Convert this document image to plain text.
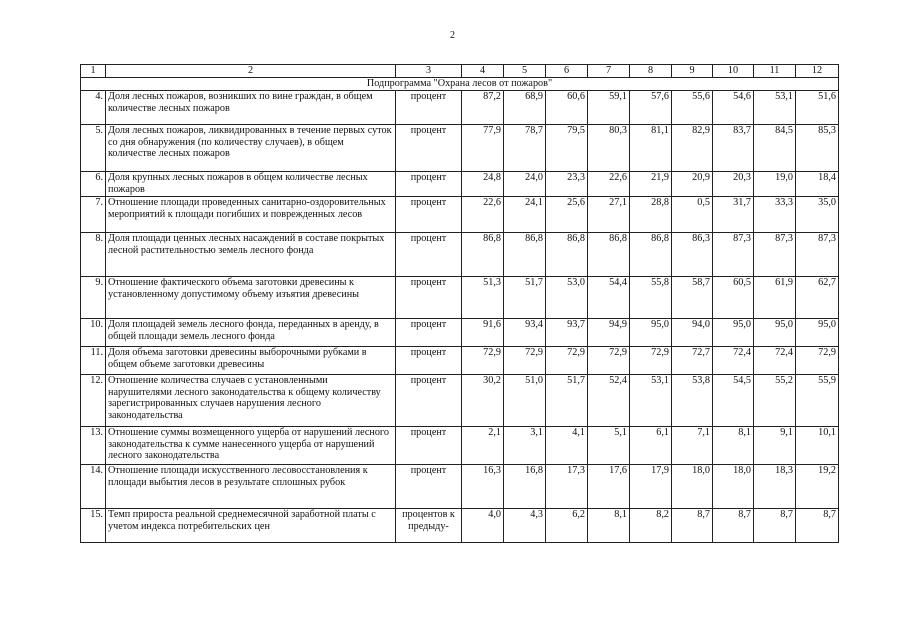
2
1	2	3	4	5	6	7	8	9	10	11	12
Подпрограмма "Охрана лесов от пожаров"											
4.	Доля лесных пожаров, возникших по вине граждан, в общем количестве лесных пожаров	процент	87,2	68,9	60,6	59,1	57,6	55,6	54,6	53,1	51,6
5.	Доля лесных пожаров, ликвидированных в течение первых суток со дня обнаружения (по количеству случаев), в общем количестве лесных пожаров	процент	77,9	78,7	79,5	80,3	81,1	82,9	83,7	84,5	85,3
6.	Доля крупных лесных пожаров в общем количестве лесных пожаров	процент	24,8	24,0	23,3	22,6	21,9	20,9	20,3	19,0	18,4
7.	Отношение площади проведенных санитарно-оздоровительных мероприятий к площади погибших и поврежденных лесов	процент	22,6	24,1	25,6	27,1	28,8	0,5	31,7	33,3	35,0
8.	Доля площади ценных лесных насаждений в составе покрытых лесной растительностью земель лесного фонда	процент	86,8	86,8	86,8	86,8	86,8	86,3	87,3	87,3	87,3
9.	Отношение фактического объема заготовки древесины к установленному допустимому объему изъятия древесины	процент	51,3	51,7	53,0	54,4	55,8	58,7	60,5	61,9	62,7
10.	Доля площадей земель лесного фонда, переданных в аренду, в общей площади земель лесного фонда	процент	91,6	93,4	93,7	94,9	95,0	94,0	95,0	95,0	95,0
11.	Доля объема заготовки древесины выборочными рубками в общем объеме заготовки древесины	процент	72,9	72,9	72,9	72,9	72,9	72,7	72,4	72,4	72,9
12.	Отношение количества случаев с установленными нарушителями лесного законодательства к общему количеству зарегистрированных случаев нарушения лесного законодательства	процент	30,2	51,0	51,7	52,4	53,1	53,8	54,5	55,2	55,9
13.	Отношение суммы возмещенного ущерба от нарушений лесного законодательства к сумме нанесенного ущерба от нарушений лесного законодательства	процент	2,1	3,1	4,1	5,1	6,1	7,1	8,1	9,1	10,1
14.	Отношение площади искусственного лесовосстановления к площади выбытия лесов в результате сплошных рубок	процент	16,3	16,8	17,3	17,6	17,9	18,0	18,0	18,3	19,2
15.	Темп прироста реальной среднемесячной заработной платы с учетом индекса потребительских цен	процентов к предыду-	4,0	4,3	6,2	8,1	8,2	8,7	8,7	8,7	8,7
